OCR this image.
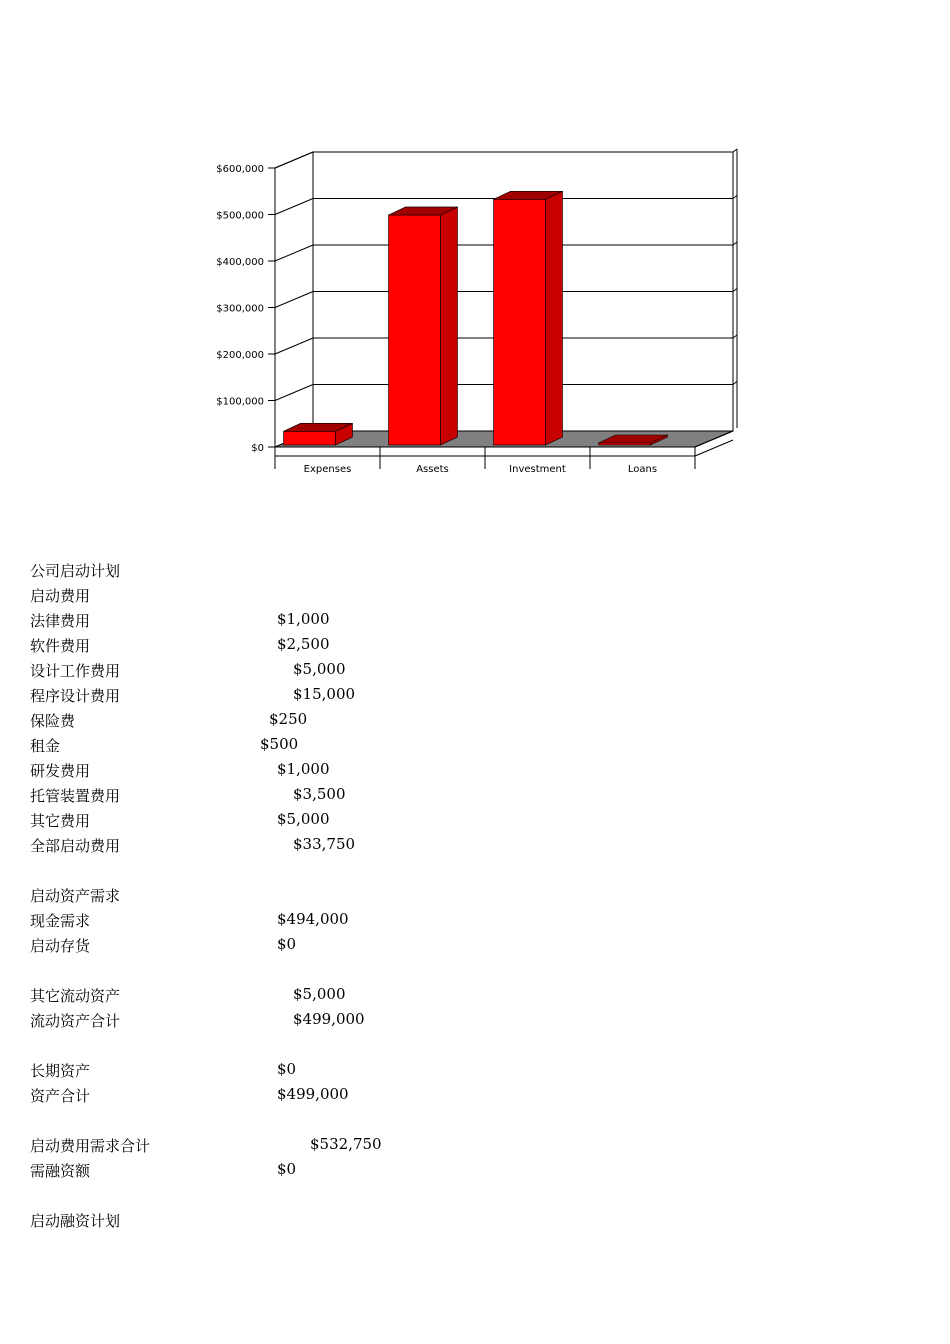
$0
$100,000
$200,000
$300,000
$400,000
$500,000
$600,000
Expenses	Assets	Investment	Loans
公司启动计划
启动费用
法律费用	$1,000
软件费用	$2,500
设计工作费用	$5,000
程序设计费用	$15,000
保险费	$250
租金	$500
研发费用	$1,000
托管装置费用	$3,500
其它费用	$5,000
全部启动费用	$33,750
启动资产需求
现金需求	$494,000
启动存货	$0
其它流动资产	$5,000
流动资产合计	$499,000
长期资产	$0
资产合计	$499,000
启动费用需求合计	$532,750
需融资额	$0
启动融资计划
